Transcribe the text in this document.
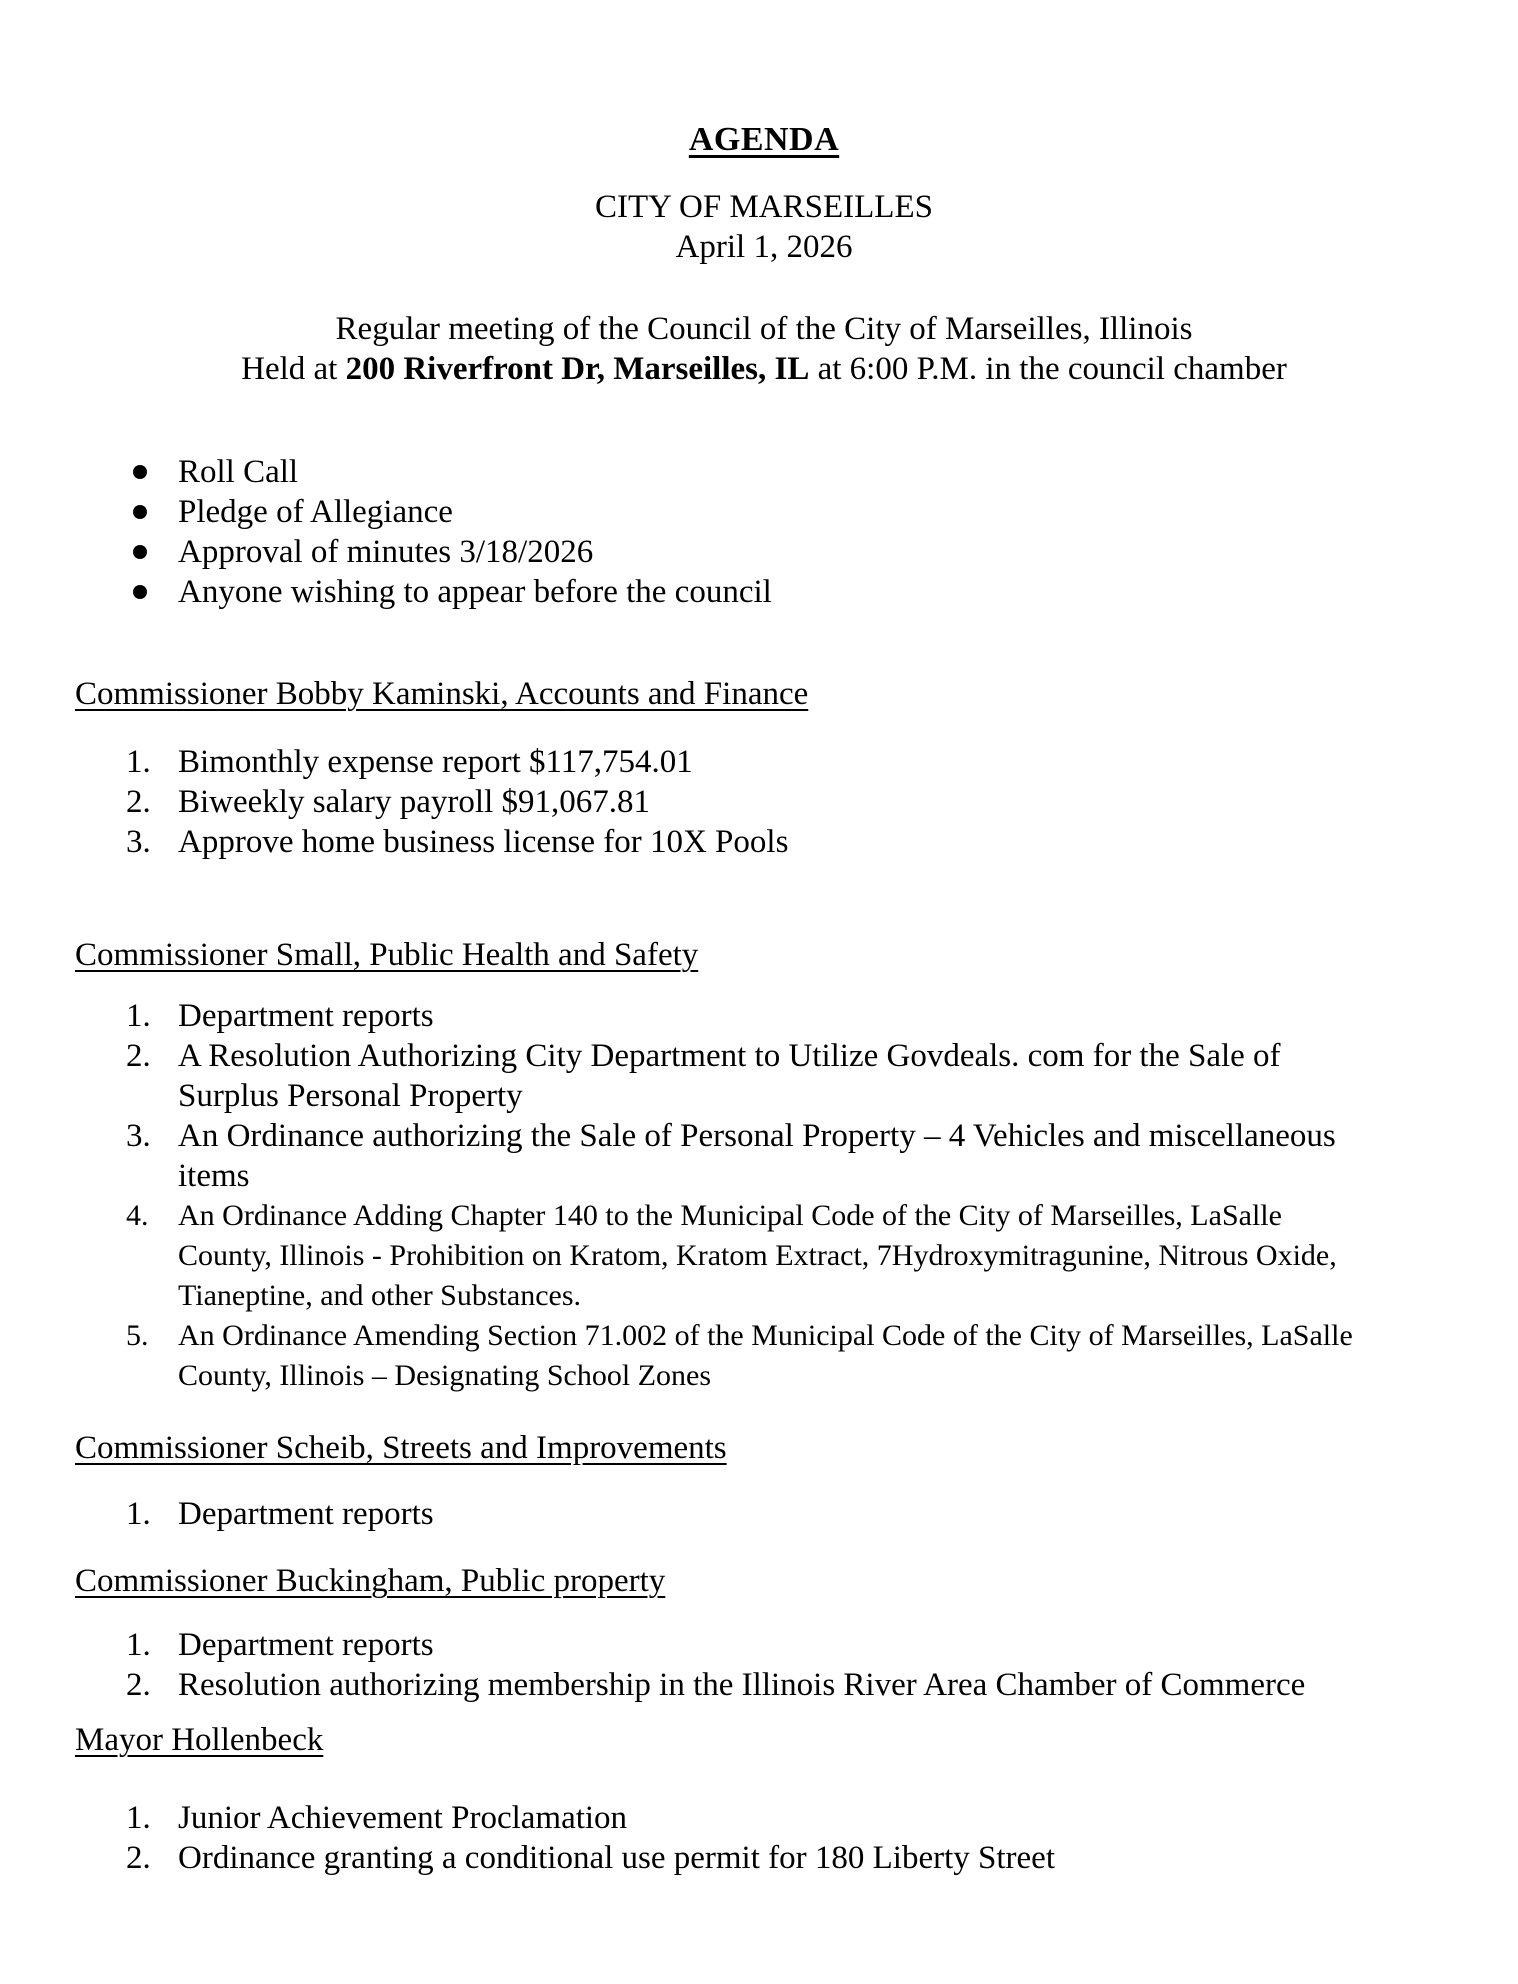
AGENDA

CITY OF MARSEILLES

April 1, 2026

Regular meeting of the Council of the City of Marseilles, Illinois

Held at 200 Riverfront Dr, Marseilles, IL at 6:00 P.M. in the council chamber

Roll Call
Pledge of Allegiance
Approval of minutes 3/18/2026
Anyone wishing to appear before the council
Commissioner Bobby Kaminski, Accounts and Finance
Bimonthly expense report $117,754.01
Biweekly salary payroll $91,067.81
Approve home business license for 10X Pools
Commissioner Small, Public Health and Safety
Department reports
A Resolution Authorizing City Department to Utilize Govdeals. com for the Sale of Surplus Personal Property
An Ordinance authorizing the Sale of Personal Property – 4 Vehicles and miscellaneous items
An Ordinance Adding Chapter 140 to the Municipal Code of the City of Marseilles, LaSalle County, Illinois - Prohibition on Kratom, Kratom Extract, 7Hydroxymitragunine, Nitrous Oxide, Tianeptine, and other Substances.
An Ordinance Amending Section 71.002 of the Municipal Code of the City of Marseilles, LaSalle County, Illinois – Designating School Zones
Commissioner Scheib, Streets and Improvements
Department reports
Commissioner Buckingham, Public property
Department reports
Resolution authorizing membership in the Illinois River Area Chamber of Commerce
Mayor Hollenbeck
Junior Achievement Proclamation
Ordinance granting a conditional use permit for 180 Liberty Street
